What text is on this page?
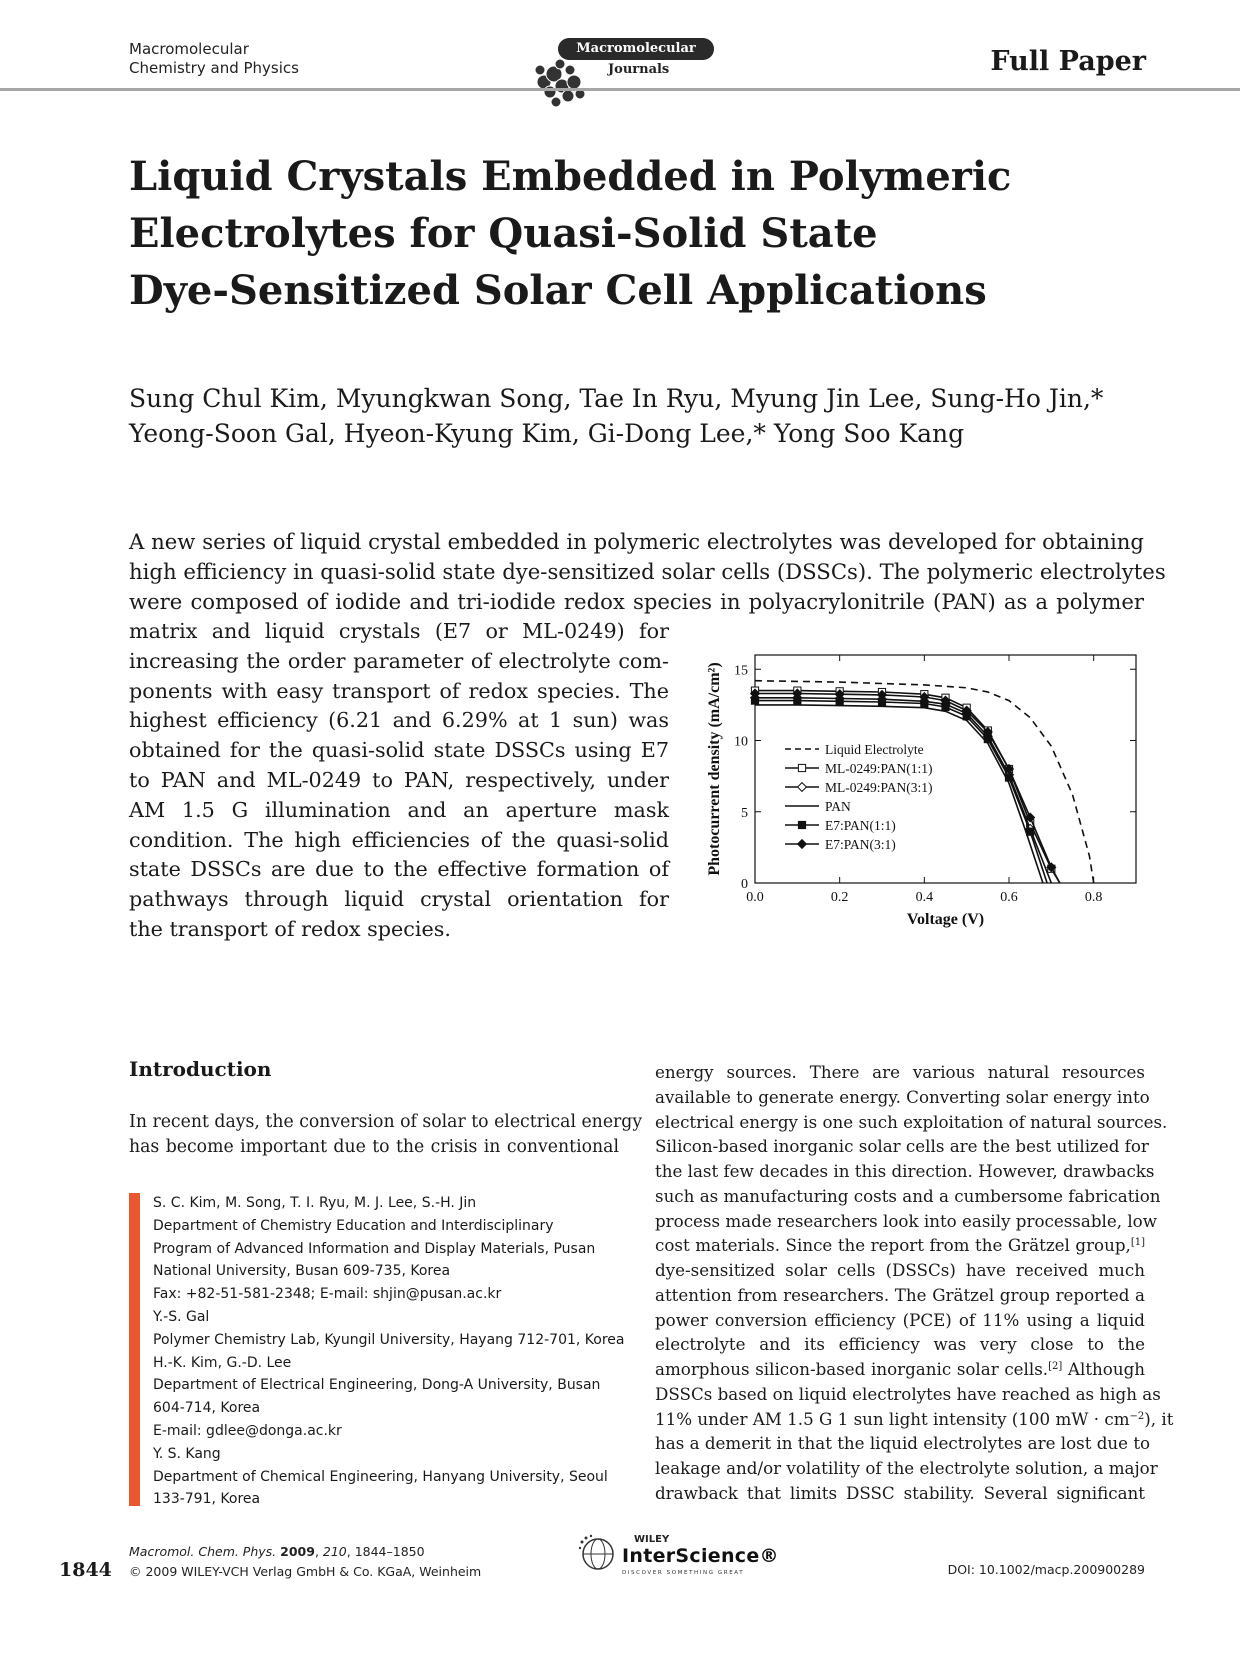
Macromolecular
Chemistry and Physics
Macromolecular
Journals	Full Paper
Liquid Crystals Embedded in Polymeric
Electrolytes for Quasi-Solid State
Dye-Sensitized Solar Cell Applications
Sung Chul Kim, Myungkwan Song, Tae In Ryu, Myung Jin Lee, Sung-Ho Jin,*
Yeong-Soon Gal, Hyeon-Kyung Kim, Gi-Dong Lee,* Yong Soo Kang
A new series of liquid crystal embedded in polymeric electrolytes was developed for obtaining
high efficiency in quasi-solid state dye-sensitized solar cells (DSSCs). The polymeric electrolytes
were composed of iodide and tri-iodide redox species in polyacrylonitrile (PAN) as a polymer
matrix and liquid crystals (E7 or ML-0249) for
increasing the order parameter of electrolyte com-
ponents with easy transport of redox species. The
highest efficiency (6.21 and 6.29% at 1 sun) was
obtained for the quasi-solid state DSSCs using E7
to PAN and ML-0249 to PAN, respectively, under
AM 1.5 G illumination and an aperture mask
condition. The high efficiencies of the quasi-solid
state DSSCs are due to the effective formation of
pathways through liquid crystal orientation for
the transport of redox species.
0.0	0.2	0.4	0.6	0.8
0
5
10
15
Voltage (V)
Photocurrent density (mA/cm²)	Liquid Electrolyte
ML-0249:PAN(1:1)
ML-0249:PAN(3:1)
PAN
E7:PAN(1:1)
E7:PAN(3:1)
Introduction
In recent days, the conversion of solar to electrical energy
has become important due to the crisis in conventional
energy sources. There are various natural resources
available to generate energy. Converting solar energy into
electrical energy is one such exploitation of natural sources.
Silicon-based inorganic solar cells are the best utilized for
the last few decades in this direction. However, drawbacks
such as manufacturing costs and a cumbersome fabrication
process made researchers look into easily processable, low
cost materials. Since the report from the Grätzel group,[1]
dye-sensitized solar cells (DSSCs) have received much
attention from researchers. The Grätzel group reported a
power conversion efficiency (PCE) of 11% using a liquid
electrolyte and its efficiency was very close to the
amorphous silicon-based inorganic solar cells.[2] Although
DSSCs based on liquid electrolytes have reached as high as
11% under AM 1.5 G 1 sun light intensity (100 mW · $cm^{-2}$), it
has a demerit in that the liquid electrolytes are lost due to
leakage and/or volatility of the electrolyte solution, a major
drawback that limits DSSC stability. Several significant
S. C. Kim, M. Song, T. I. Ryu, M. J. Lee, S.-H. Jin
Department of Chemistry Education and Interdisciplinary
Program of Advanced Information and Display Materials, Pusan
National University, Busan 609-735, Korea
Fax: +82-51-581-2348; E-mail: shjin@pusan.ac.kr
Y.-S. Gal
Polymer Chemistry Lab, Kyungil University, Hayang 712-701, Korea
H.-K. Kim, G.-D. Lee
Department of Electrical Engineering, Dong-A University, Busan
604-714, Korea
E-mail: gdlee@donga.ac.kr
Y. S. Kang
Department of Chemical Engineering, Hanyang University, Seoul
133-791, Korea
1844
Macromol. Chem. Phys. 2009, 210, 1844–1850
© 2009 WILEY-VCH Verlag GmbH & Co. KGaA, Weinheim
WILEY
InterScience®
DISCOVER SOMETHING GREAT	DOI: 10.1002/macp.200900289
